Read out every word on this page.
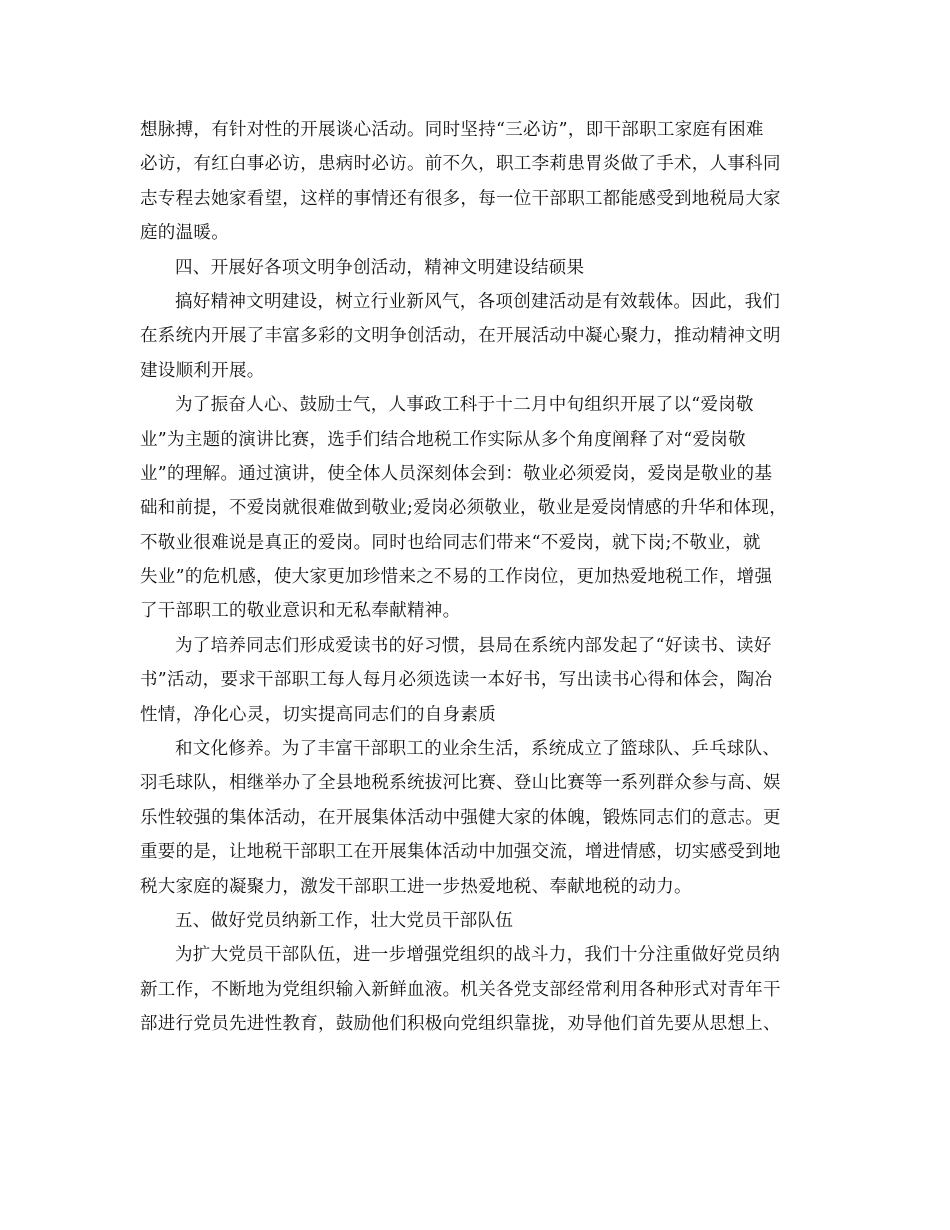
想脉搏，有针对性的开展谈心活动。同时坚持“三必访”，即干部职工家庭有困难
必访，有红白事必访，患病时必访。前不久，职工李莉患胃炎做了手术，人事科同
志专程去她家看望，这样的事情还有很多，每一位干部职工都能感受到地税局大家
庭的温暖。
四、开展好各项文明争创活动，精神文明建设结硕果
搞好精神文明建设，树立行业新风气，各项创建活动是有效载体。因此，我们
在系统内开展了丰富多彩的文明争创活动，在开展活动中凝心聚力，推动精神文明
建设顺利开展。
为了振奋人心、鼓励士气，人事政工科于十二月中旬组织开展了以“爱岗敬
业”为主题的演讲比赛，选手们结合地税工作实际从多个角度阐释了对“爱岗敬
业”的理解。通过演讲，使全体人员深刻体会到：敬业必须爱岗，爱岗是敬业的基
础和前提，不爱岗就很难做到敬业;爱岗必须敬业，敬业是爱岗情感的升华和体现，
不敬业很难说是真正的爱岗。同时也给同志们带来“不爱岗，就下岗;不敬业，就
失业”的危机感，使大家更加珍惜来之不易的工作岗位，更加热爱地税工作，增强
了干部职工的敬业意识和无私奉献精神。
为了培养同志们形成爱读书的好习惯，县局在系统内部发起了“好读书、读好
书”活动，要求干部职工每人每月必须选读一本好书，写出读书心得和体会，陶冶
性情，净化心灵，切实提高同志们的自身素质
和文化修养。为了丰富干部职工的业余生活，系统成立了篮球队、乒乓球队、
羽毛球队，相继举办了全县地税系统拔河比赛、登山比赛等一系列群众参与高、娱
乐性较强的集体活动，在开展集体活动中强健大家的体魄，锻炼同志们的意志。更
重要的是，让地税干部职工在开展集体活动中加强交流，增进情感，切实感受到地
税大家庭的凝聚力，激发干部职工进一步热爱地税、奉献地税的动力。
五、做好党员纳新工作，壮大党员干部队伍
为扩大党员干部队伍，进一步增强党组织的战斗力，我们十分注重做好党员纳
新工作，不断地为党组织输入新鲜血液。机关各党支部经常利用各种形式对青年干
部进行党员先进性教育，鼓励他们积极向党组织靠拢，劝导他们首先要从思想上、
